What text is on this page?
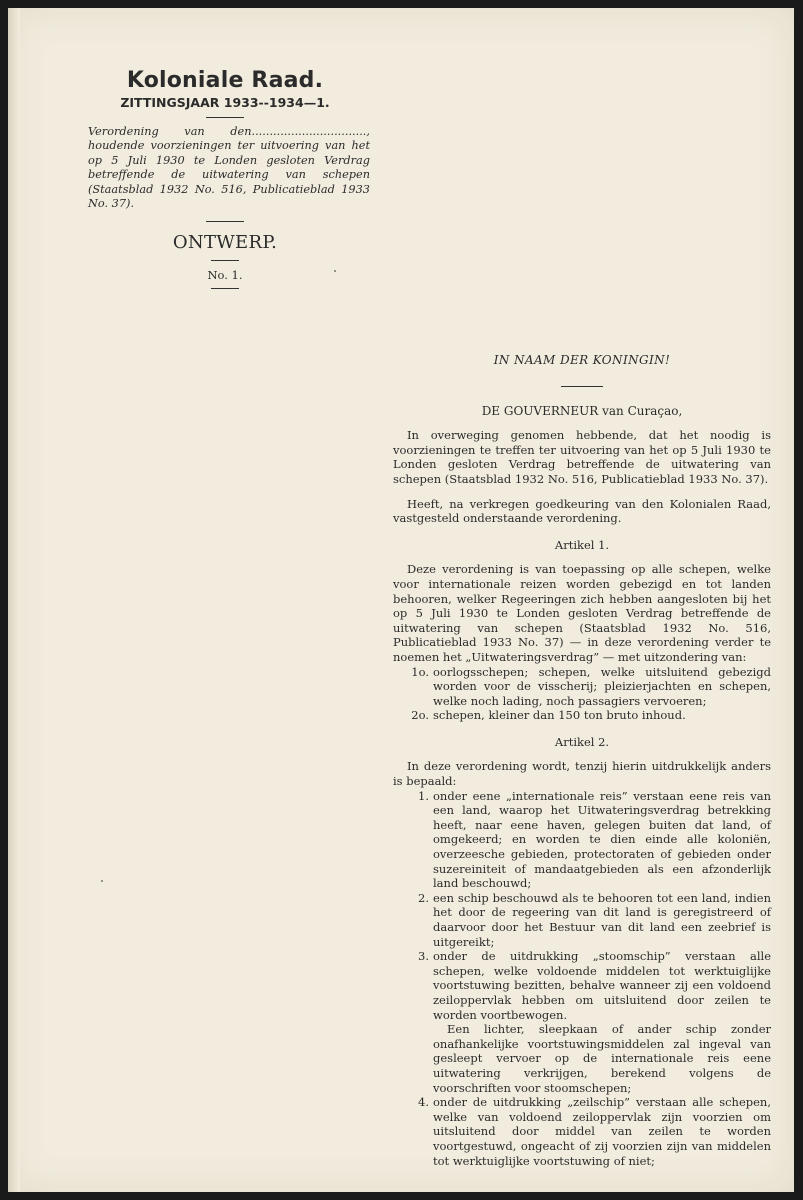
Koloniale Raad.
ZITTINGSJAAR 1933--1934—1.
Verordening van den................................, houdende voorzieningen ter uitvoering van het op 5 Juli 1930 te Londen gesloten Verdrag betreffende de uitwatering van schepen (Staatsblad 1932 No. 516, Publicatieblad 1933 No. 37).
ONTWERP.
No. 1.
IN NAAM DER KONINGIN!
DE GOUVERNEUR van Curaçao,

In overweging genomen hebbende, dat het noodig is voorzieningen te treffen ter uitvoering van het op 5 Juli 1930 te Londen gesloten Verdrag betreffende de uitwatering van schepen (Staatsblad 1932 No. 516, Publicatieblad 1933 No. 37).

Heeft, na verkregen goedkeuring van den Kolonialen Raad, vastgesteld onderstaande verordening.

Artikel 1.

Deze verordening is van toepassing op alle schepen, welke voor internationale reizen worden gebezigd en tot landen behooren, welker Regeeringen zich hebben aangesloten bij het op 5 Juli 1930 te Londen gesloten Verdrag betreffende de uitwatering van schepen (Staatsblad 1932 No. 516, Publicatieblad 1933 No. 37) — in deze verordening verder te noemen het „Uitwateringsverdrag” — met uitzondering van:

1o. oorlogsschepen; schepen, welke uitsluitend gebezigd worden voor de visscherij; pleizierjachten en schepen, welke noch lading, noch passagiers vervoeren;
2o. schepen, kleiner dan 150 ton bruto inhoud.
Artikel 2.

In deze verordening wordt, tenzij hierin uitdrukkelijk anders is bepaald:

1. onder eene „internationale reis” verstaan eene reis van een land, waarop het Uitwateringsverdrag betrekking heeft, naar eene haven, gelegen buiten dat land, of omgekeerd; en worden te dien einde alle koloniën, overzeesche gebieden, protectoraten of gebieden onder suzereiniteit of mandaatgebieden als een afzonderlijk land beschouwd;
2. een schip beschouwd als te behooren tot een land, indien het door de regeering van dit land is geregistreerd of daarvoor door het Bestuur van dit land een zeebrief is uitgereikt;
3. onder de uitdrukking „stoomschip” verstaan alle schepen, welke voldoende middelen tot werktuiglijke voortstuwing bezitten, behalve wanneer zij een voldoend zeiloppervlak hebben om uitsluitend door zeilen te worden voortbewogen.
Een lichter, sleepkaan of ander schip zonder onafhankelijke voortstuwingsmiddelen zal ingeval van gesleept vervoer op de internationale reis eene uitwatering verkrijgen, berekend volgens de voorschriften voor stoomschepen;
4. onder de uitdrukking „zeilschip” verstaan alle schepen, welke van voldoend zeiloppervlak zijn voorzien om uitsluitend door middel van zeilen te worden voortgestuwd, ongeacht of zij voorzien zijn van middelen tot werktuiglijke voortstuwing of niet;
